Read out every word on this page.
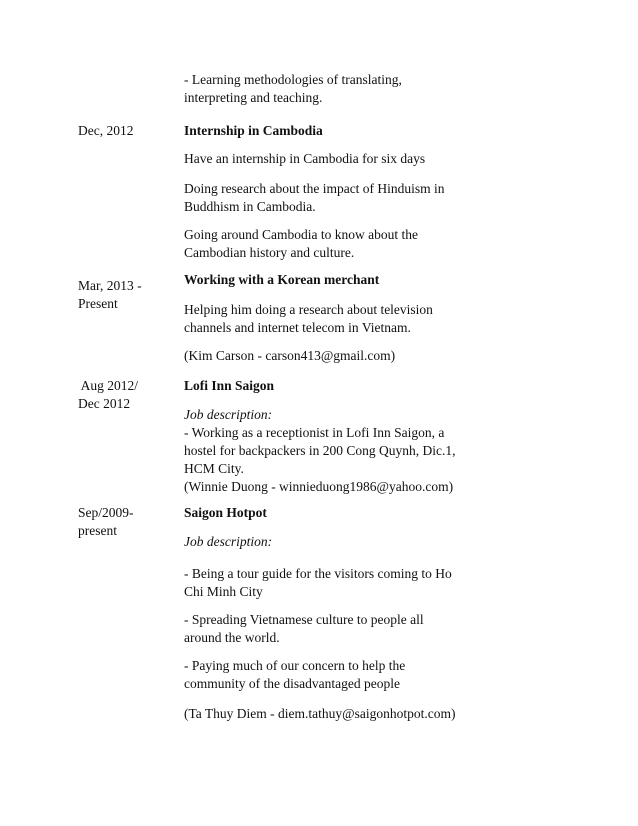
- Learning methodologies of translating,
interpreting and teaching.
Dec, 2012	Internship in Cambodia
Have an internship in Cambodia for six days
Doing research about the impact of Hinduism in
Buddhism in Cambodia.
Going around Cambodia to know about the
Cambodian history and culture.
Mar, 2013 -
Present
Working with a Korean merchant
Helping him doing a research about television
channels and internet telecom in Vietnam.
(Kim Carson - carson413@gmail.com)
Aug 2012/
Dec 2012
Lofi Inn Saigon
Job description:
- Working as a receptionist in Lofi Inn Saigon, a
hostel for backpackers in 200 Cong Quynh, Dic.1,
HCM City.
(Winnie Duong - winnieduong1986@yahoo.com)
Sep/2009-
present
Saigon Hotpot
Job description:
- Being a tour guide for the visitors coming to Ho
Chi Minh City
- Spreading Vietnamese culture to people all
around the world.
- Paying much of our concern to help the
community of the disadvantaged people
(Ta Thuy Diem - diem.tathuy@saigonhotpot.com)
